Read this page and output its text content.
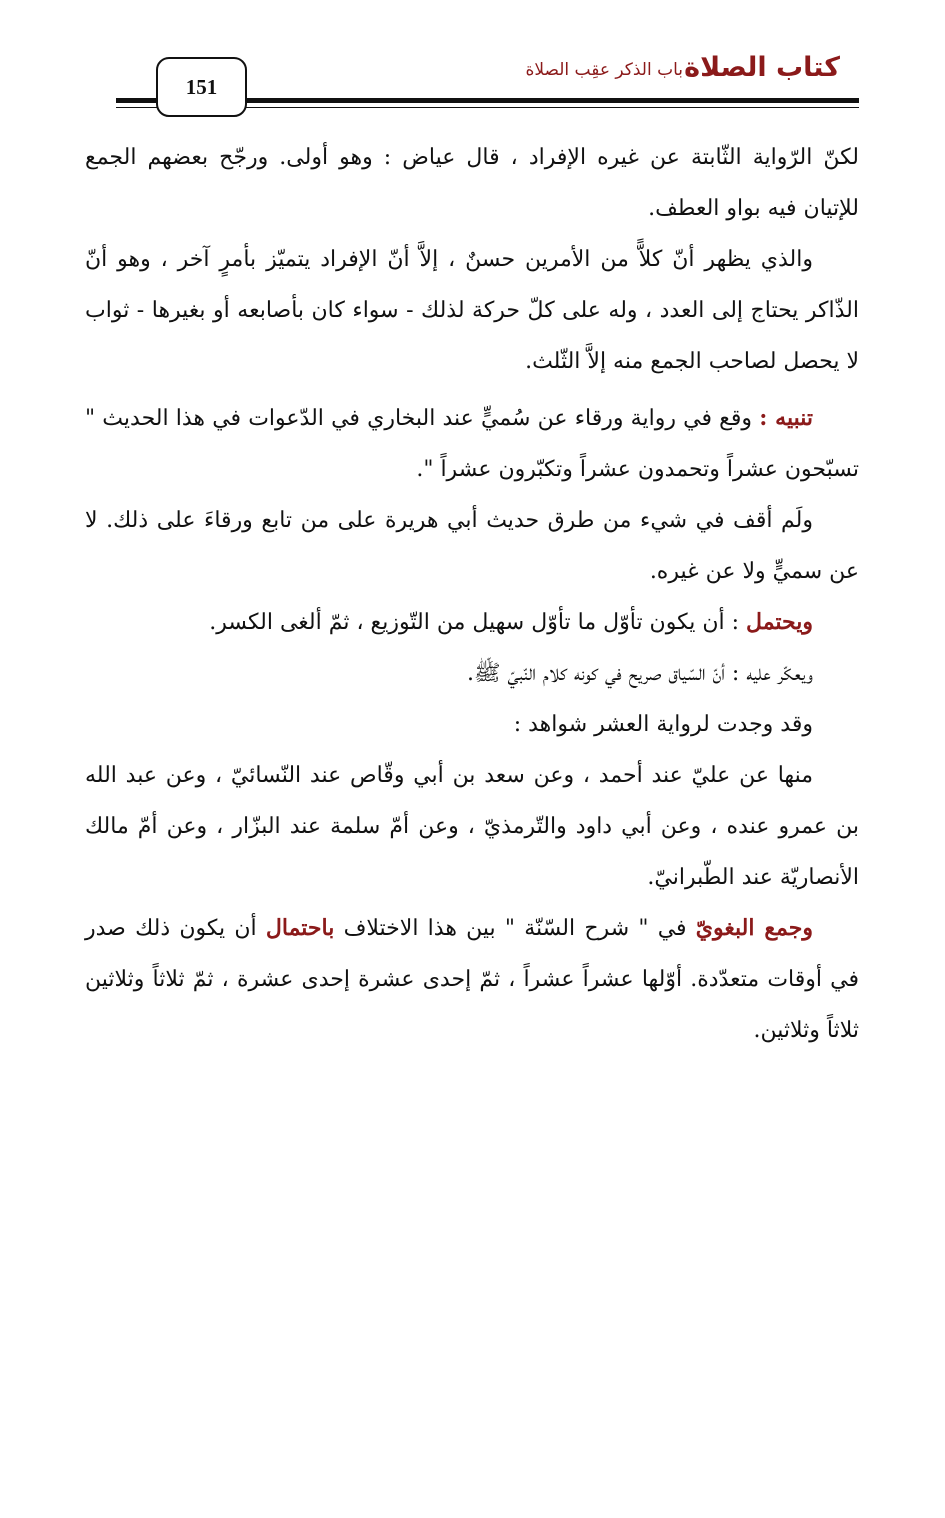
كتاب الصلاة
باب الذكر عقِب الصلاة
151

لكنّ الرّواية الثّابتة عن غيره الإفراد ، قال عياض : وهو أولى. ورجّح بعضهم الجمع للإتيان فيه بواو العطف.

والذي يظهر أنّ كلاًّ من الأمرين حسنٌ ، إلاَّ أنّ الإفراد يتميّز بأمرٍ آخر ، وهو أنّ الذّاكر يحتاج إلى العدد ، وله على كلّ حركة لذلك - سواء كان بأصابعه أو بغيرها - ثواب لا يحصل لصاحب الجمع منه إلاَّ الثّلث.

تنبيه : وقع في رواية ورقاء عن سُميٍّ عند البخاري في الدّعوات في هذا الحديث " تسبّحون عشراً وتحمدون عشراً وتكبّرون عشراً ".

ولَم أقف في شيء من طرق حديث أبي هريرة على من تابع ورقاءَ على ذلك. لا عن سميٍّ ولا عن غيره.

ويحتمل : أن يكون تأوّل ما تأوّل سهيل من التّوزيع ، ثمّ ألغى الكسر.

ويعكّر عليه : أنّ السّياق صريح في كونه كلام النّبيّ ﷺ.

وقد وجدت لرواية العشر شواهد :

منها عن عليّ عند أحمد ، وعن سعد بن أبي وقّاص عند النّسائيّ ، وعن عبد الله بن عمرو عنده ، وعن أبي داود والتّرمذيّ ، وعن أمّ سلمة عند البزّار ، وعن أمّ مالك الأنصاريّة عند الطّبرانيّ.

وجمع البغويّ في " شرح السّنّة " بين هذا الاختلاف باحتمال أن يكون ذلك صدر في أوقات متعدّدة. أوّلها عشراً عشراً ، ثمّ إحدى عشرة إحدى عشرة ، ثمّ ثلاثاً وثلاثين ثلاثاً وثلاثين.
